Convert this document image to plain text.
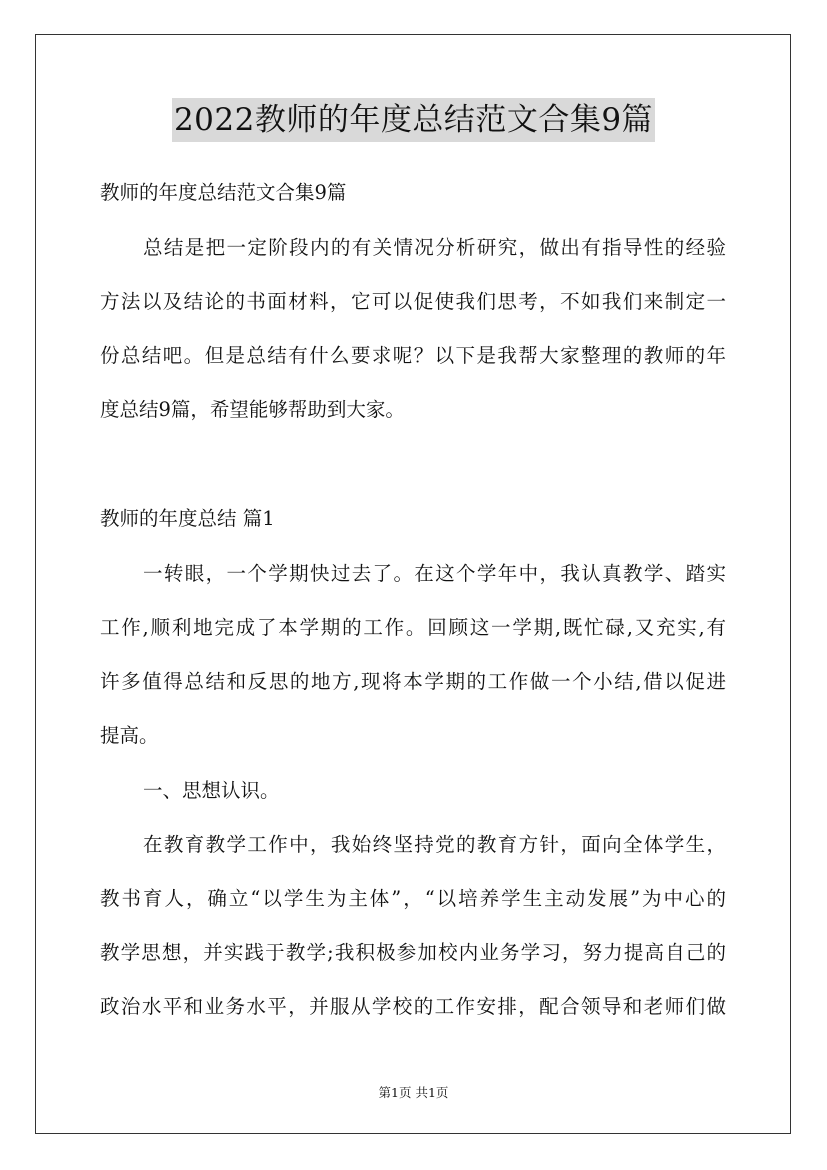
2022教师的年度总结范文合集9篇
教师的年度总结范文合集9篇
总结是把一定阶段内的有关情况分析研究，做出有指导性的经验
方法以及结论的书面材料，它可以促使我们思考，不如我们来制定一
份总结吧。但是总结有什么要求呢？以下是我帮大家整理的教师的年
度总结9篇，希望能够帮助到大家。
教师的年度总结 篇1
一转眼，一个学期快过去了。在这个学年中，我认真教学、踏实
工作,顺利地完成了本学期的工作。回顾这一学期,既忙碌,又充实,有
许多值得总结和反思的地方,现将本学期的工作做一个小结,借以促进
提高。
一、思想认识。
在教育教学工作中，我始终坚持党的教育方针，面向全体学生，
教书育人，确立“以学生为主体”，“以培养学生主动发展”为中心的
教学思想，并实践于教学;我积极参加校内业务学习，努力提高自己的
政治水平和业务水平，并服从学校的工作安排，配合领导和老师们做
第1页 共1页
